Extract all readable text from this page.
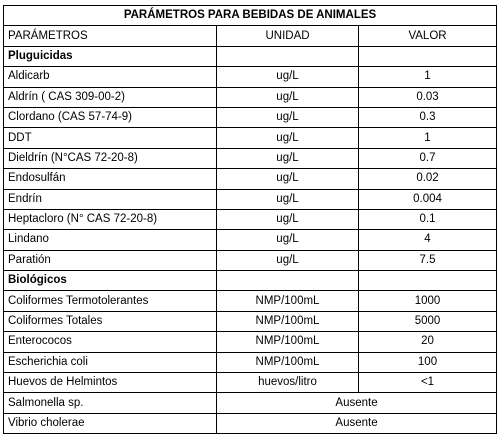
PARÁMETROS PARA BEBIDAS DE ANIMALES		
PARÁMETROS	UNIDAD	VALOR
Pluguicidas		
Aldicarb	ug/L	1
Aldrín ( CAS 309-00-2)	ug/L	0.03
Clordano (CAS 57-74-9)	ug/L	0.3
DDT	ug/L	1
Dieldrín (N°CAS 72-20-8)	ug/L	0.7
Endosulfán	ug/L	0.02
Endrín	ug/L	0.004
Heptacloro (N° CAS 72-20-8)	ug/L	0.1
Lindano	ug/L	4
Paratión	ug/L	7.5
Biológicos		
Coliformes Termotolerantes	NMP/100mL	1000
Coliformes Totales	NMP/100mL	5000
Enterococos	NMP/100mL	20
Escherichia coli	NMP/100mL	100
Huevos de Helmintos	huevos/litro	<1
Salmonella sp.	Ausente	
Vibrio cholerae	Ausente	
